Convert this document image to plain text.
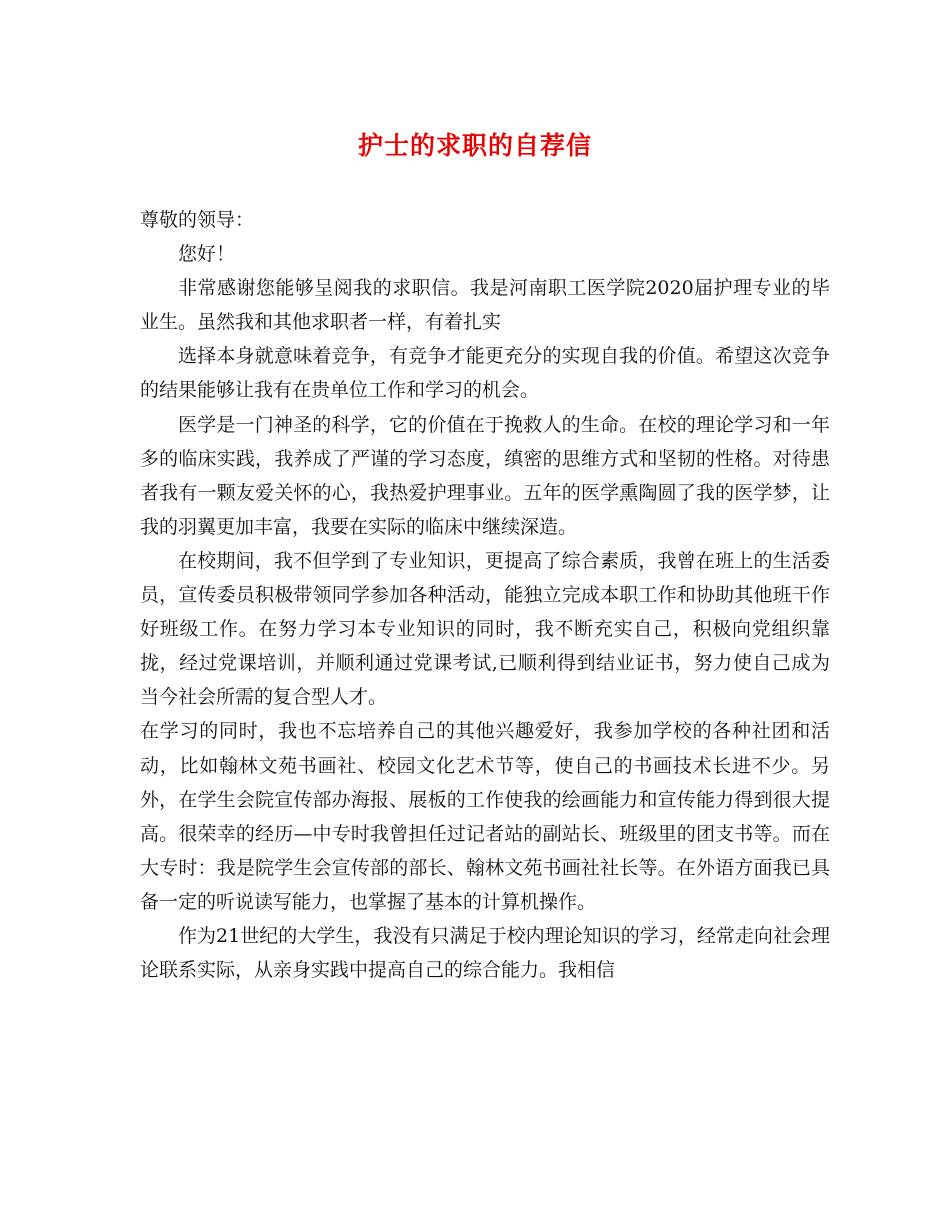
护士的求职的自荐信

尊敬的领导：

您好！

非常感谢您能够呈阅我的求职信。我是河南职工医学院2020届护理专业的毕业生。虽然我和其他求职者一样，有着扎实

选择本身就意味着竞争，有竞争才能更充分的实现自我的价值。希望这次竞争的结果能够让我有在贵单位工作和学习的机会。

医学是一门神圣的科学，它的价值在于挽救人的生命。在校的理论学习和一年多的临床实践，我养成了严谨的学习态度，缜密的思维方式和坚韧的性格。对待患者我有一颗友爱关怀的心，我热爱护理事业。五年的医学熏陶圆了我的医学梦，让我的羽翼更加丰富，我要在实际的临床中继续深造。

在校期间，我不但学到了专业知识，更提高了综合素质，我曾在班上的生活委员，宣传委员积极带领同学参加各种活动，能独立完成本职工作和协助其他班干作好班级工作。在努力学习本专业知识的同时，我不断充实自己，积极向党组织靠拢，经过党课培训，并顺利通过党课考试,已顺利得到结业证书，努力使自己成为当今社会所需的复合型人才。

在学习的同时，我也不忘培养自己的其他兴趣爱好，我参加学校的各种社团和活动，比如翰林文苑书画社、校园文化艺术节等，使自己的书画技术长进不少。另外，在学生会院宣传部办海报、展板的工作使我的绘画能力和宣传能力得到很大提高。很荣幸的经历—中专时我曾担任过记者站的副站长、班级里的团支书等。而在大专时：我是院学生会宣传部的部长、翰林文苑书画社社长等。在外语方面我已具备一定的听说读写能力，也掌握了基本的计算机操作。

作为21世纪的大学生，我没有只满足于校内理论知识的学习，经常走向社会理论联系实际，从亲身实践中提高自己的综合能力。我相信
